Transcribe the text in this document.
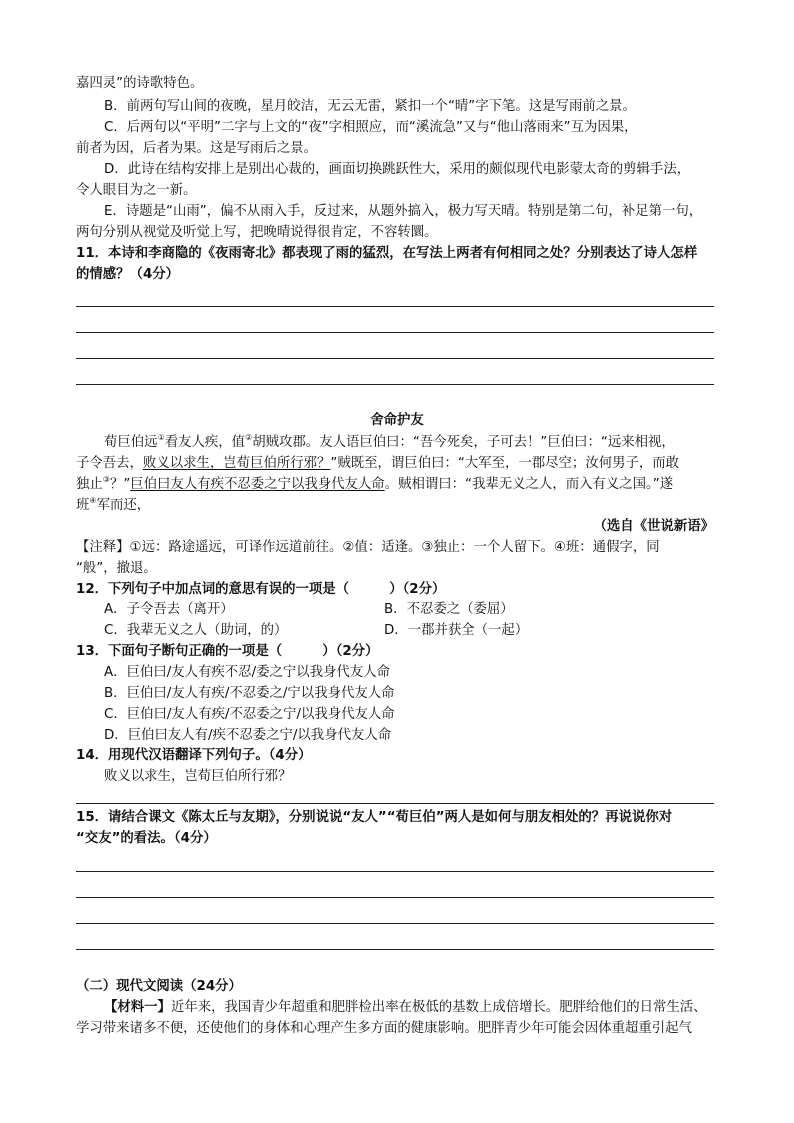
嘉四灵”的诗歌特色。
B．前两句写山间的夜晚，星月皎洁，无云无雷，紧扣一个“晴”字下笔。这是写雨前之景。
C．后两句以“平明”二字与上文的“夜”字相照应，而“溪流急”又与“他山落雨来”互为因果，
前者为因，后者为果。这是写雨后之景。
D．此诗在结构安排上是别出心裁的，画面切换跳跃性大，采用的颇似现代电影蒙太奇的剪辑手法，
令人眼目为之一新。
E．诗题是“山雨”，偏不从雨入手，反过来，从题外搞入，极力写天晴。特别是第二句，补足第一句，
两句分别从视觉及听觉上写，把晚晴说得很肯定，不容转圜。
11．本诗和李商隐的《夜雨寄北》都表现了雨的猛烈，在写法上两者有何相同之处？分别表达了诗人怎样
的情感？（4分）
舍命护友
荀巨伯远①看友人疾，值②胡贼攻郡。友人语巨伯曰：“吾今死矣，子可去！”巨伯曰：“远来相视，
子令吾去，败义以求生，岂荀巨伯所行邪？”贼既至，谓巨伯曰：“大军至，一郡尽空；汝何男子，而敢
独止③？”巨伯曰友人有疾不忍委之宁以我身代友人命。贼相谓曰：“我辈无义之人，而入有义之国。”遂
班④军而还，
（选自《世说新语》
【注释】①远：路途遥远，可译作远道前往。②值：适逢。③独止：一个人留下。④班：通假字，同
“般”，撤退。
12．下列句子中加点词的意思有误的一项是（　　　）（2分）
A．子令吾去（离开）	B．不忍委之（委屈）
C．我辈无义之人（助词，的）	D．一郡并获全（一起）
13．下面句子断句正确的一项是（　　　）（2分）
A．巨伯曰/友人有疾不忍/委之宁以我身代友人命
B．巨伯曰/友人有疾/不忍委之/宁以我身代友人命
C．巨伯曰/友人有疾/不忍委之宁/以我身代友人命
D．巨伯曰友人有/疾不忍委之宁/以我身代友人命
14．用现代汉语翻译下列句子。（4分）
败义以求生，岂荀巨伯所行邪？
15．请结合课文《陈太丘与友期》，分别说说“友人”“荀巨伯”两人是如何与朋友相处的？再说说你对
“交友”的看法。（4分）
（二）现代文阅读（24分）
【材料一】近年来，我国青少年超重和肥胖检出率在极低的基数上成倍增长。肥胖给他们的日常生活、
学习带来诸多不便，还使他们的身体和心理产生多方面的健康影响。肥胖青少年可能会因体重超重引起气
